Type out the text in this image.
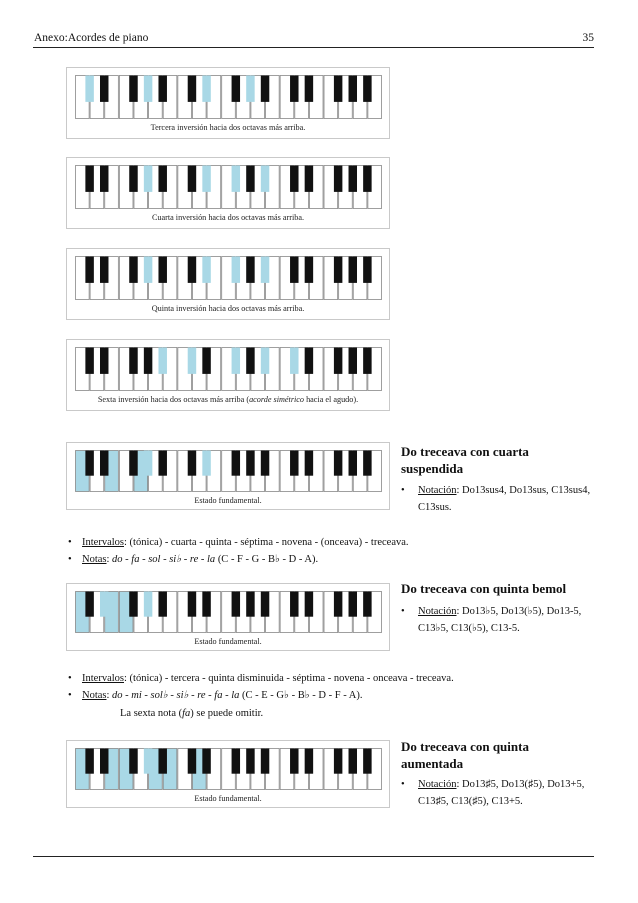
Anexo:Acordes de piano	35
Tercera inversión hacia dos octavas más arriba.
Cuarta inversión hacia dos octavas más arriba.
Quinta inversión hacia dos octavas más arriba.
Sexta inversión hacia dos octavas más arriba (acorde simétrico hacia el agudo).
Estado fundamental.
Do treceava con cuarta
suspendida
•	Notación: Do13sus4, Do13sus, C13sus4, C13sus.
• Intervalos: (tónica) - cuarta - quinta - séptima - novena - (onceava) - treceava.
• Notas: do - fa - sol - si♭ - re - la (C - F - G - B♭ - D - A).
Estado fundamental.
Do treceava con quinta bemol
•	Notación: Do13♭5, Do13(♭5), Do13-5, C13♭5, C13(♭5), C13-5.
• Intervalos: (tónica) - tercera - quinta disminuida - séptima - novena - onceava - treceava.
• Notas: do - mi - sol♭ - si♭ - re - fa - la (C - E - G♭ - B♭ - D - F - A).
La sexta nota (fa) se puede omitir.
Estado fundamental.
Do treceava con quinta
aumentada
•	Notación: Do13♯5, Do13(♯5), Do13+5, C13♯5, C13(♯5), C13+5.
